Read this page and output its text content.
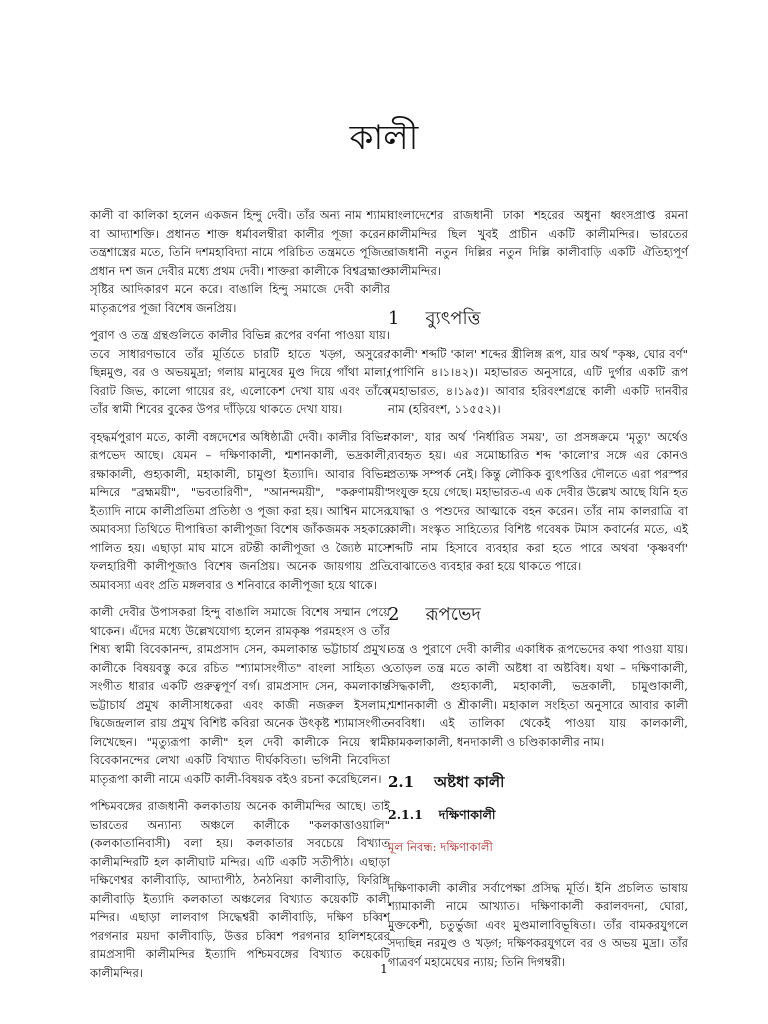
কালী

কালী বা কালিকা হলেন একজন হিন্দু দেবী। তাঁর অন্য নাম শ্যামা বা আদ্যাশক্তি। প্রধানত শাক্ত ধর্মাবলম্বীরা কালীর পূজা করেন। তন্ত্রশাস্ত্রের মতে, তিনি দশমহাবিদ্যা নামে পরিচিত তন্ত্রমতে পূজিত প্রধান দশ জন দেবীর মধ্যে প্রথম দেবী। শাক্তরা কালীকে বিশ্বব্রহ্মাণ্ড সৃষ্টির আদিকারণ মনে করে। বাঙালি হিন্দু সমাজে দেবী কালীর মাতৃরূপের পূজা বিশেষ জনপ্রিয়।

পুরাণ ও তন্ত্র গ্রন্থগুলিতে কালীর বিভিন্ন রূপের বর্ণনা পাওয়া যায়। তবে সাধারণভাবে তাঁর মূর্তিতে চারটি হাতে খড়্গ, অসুরের ছিন্নমুণ্ড, বর ও অভয়মুদ্রা; গলায় মানুষের মুণ্ড দিয়ে গাঁথা মালা; বিরাট জিভ, কালো গায়ের রং, এলোকেশ দেখা যায় এবং তাঁকে তাঁর স্বামী শিবের বুকের উপর দাঁড়িয়ে থাকতে দেখা যায়।

বৃহদ্ধর্মপুরাণ মতে, কালী বঙ্গদেশের অধিষ্ঠাত্রী দেবী। কালীর বিভিন্ন রূপভেদ আছে। যেমন – দক্ষিণাকালী, শ্মশানকালী, ভদ্রকালী, রক্ষাকালী, গুহ্যকালী, মহাকালী, চামুণ্ডা ইত্যাদি। আবার বিভিন্ন মন্দিরে "ব্রহ্মময়ী", "ভবতারিণী", "আনন্দময়ী", "করুণাময়ী" ইত্যাদি নামে কালীপ্রতিমা প্রতিষ্ঠা ও পূজা করা হয়। আশ্বিন মাসের অমাবস্যা তিথিতে দীপান্বিতা কালীপূজা বিশেষ জাঁকজমক সহকারে পালিত হয়। এছাড়া মাঘ মাসে রটন্তী কালীপূজা ও জ্যৈষ্ঠ মাসে ফলহারিণী কালীপূজাও বিশেষ জনপ্রিয়। অনেক জায়গায় প্রতি অমাবস্যা এবং প্রতি মঙ্গলবার ও শনিবারে কালীপূজা হয়ে থাকে।

কালী দেবীর উপাসকরা হিন্দু বাঙালি সমাজে বিশেষ সম্মান পেয়ে থাকেন। এঁদের মধ্যে উল্লেখযোগ্য হলেন রামকৃষ্ণ পরমহংস ও তাঁর শিষ্য স্বামী বিবেকানন্দ, রামপ্রসাদ সেন, কমলাকান্ত ভট্টাচার্য প্রমুখ। কালীকে বিষয়বস্তু করে রচিত "শ্যামাসংগীত" বাংলা সাহিত্য ও সংগীত ধারার একটি গুরুত্বপূর্ণ বর্গ। রামপ্রসাদ সেন, কমলাকান্ত ভট্টাচার্য প্রমুখ কালীসাধকেরা এবং কাজী নজরুল ইসলাম, দ্বিজেন্দ্রলাল রায় প্রমুখ বিশিষ্ট কবিরা অনেক উৎকৃষ্ট শ্যামাসংগীত লিখেছেন। "মৃত্যুরূপা কালী" হল দেবী কালীকে নিয়ে স্বামী বিবেকানন্দের লেখা একটি বিখ্যাত দীর্ঘকবিতা। ভগিনী নিবেদিতা মাতৃরূপা কালী নামে একটি কালী-বিষয়ক বইও রচনা করেছিলেন।

পশ্চিমবঙ্গের রাজধানী কলকাতায় অনেক কালীমন্দির আছে। তাই ভারতের অন্যান্য অঞ্চলে কালীকে "কলকাত্তাওয়ালি" (কলকাতানিবাসী) বলা হয়। কলকাতার সবচেয়ে বিখ্যাত কালীমন্দিরটি হল কালীঘাট মন্দির। এটি একটি সতীপীঠ। এছাড়া দক্ষিণেশ্বর কালীবাড়ি, আদ্যাপীঠ, ঠনঠনিয়া কালীবাড়ি, ফিরিঙ্গি কালীবাড়ি ইত্যাদি কলকাতা অঞ্চলের বিখ্যাত কয়েকটি কালী মন্দির। এছাড়া লালবাগ সিদ্ধেশ্বরী কালীবাড়ি, দক্ষিণ চব্বিশ পরগনার ময়দা কালীবাড়ি, উত্তর চব্বিশ পরগনার হালিশহরের রামপ্রসাদী কালীমন্দির ইত্যাদি পশ্চিমবঙ্গের বিখ্যাত কয়েকটি কালীমন্দির।

বাংলাদেশের রাজধানী ঢাকা শহরের অধুনা ধ্বংসপ্রাপ্ত রমনা কালীমন্দির ছিল খুবই প্রাচীন একটি কালীমন্দির। ভারতের রাজধানী নতুন দিল্লির নতুন দিল্লি কালীবাড়ি একটি ঐতিহ্যপূর্ণ কালীমন্দির।

1 ব্যুৎপত্তি

'কালী' শব্দটি 'কাল' শব্দের স্ত্রীলিঙ্গ রূপ, যার অর্থ "কৃষ্ণ, ঘোর বর্ণ" (পাণিনি ৪।১।৪২)। মহাভারত অনুসারে, এটি দুর্গার একটি রূপ (মহাভারত, ৪।১৯৫)। আবার হরিবংশগ্রন্থে কালী একটি দানবীর নাম (হরিবংশ, ১১৫৫২)।

'কাল', যার অর্থ 'নির্ধারিত সময়', তা প্রসঙ্গক্রমে 'মৃত্যু' অর্থেও ব্যবহৃত হয়। এর সমোচ্চারিত শব্দ 'কালো'র সঙ্গে এর কোনও প্রত্যক্ষ সম্পর্ক নেই। কিন্তু লৌকিক ব্যুৎপত্তির দৌলতে এরা পরস্পর সংযুক্ত হয়ে গেছে। মহাভারত-এ এক দেবীর উল্লেখ আছে যিনি হত যোদ্ধা ও পশুদের আত্মাকে বহন করেন। তাঁর নাম কালরাত্রি বা কালী। সংস্কৃত সাহিত্যের বিশিষ্ট গবেষক টমাস কবার্নের মতে, এই শব্দটি নাম হিসাবে ব্যবহার করা হতে পারে অথবা 'কৃষ্ণবর্ণা' বোঝাতেও ব্যবহার করা হয়ে থাকতে পারে।

2 রূপভেদ

তন্ত্র ও পুরাণে দেবী কালীর একাধিক রূপভেদের কথা পাওয়া যায়। তোড়ল তন্ত্র মতে কালী অষ্টধা বা অষ্টবিধ। যথা – দক্ষিণাকালী, সিদ্ধকালী, গুহ্যকালী, মহাকালী, ভদ্রকালী, চামুণ্ডাকালী, শ্মশানকালী ও শ্রীকালী। মহাকাল সংহিতা অনুসারে আবার কালী নববিধা। এই তালিকা থেকেই পাওয়া যায় কালকালী, কামকলাকালী, ধনদাকালী ও চণ্ডিকাকালীর নাম।

2.1 অষ্টধা কালী
2.1.1 দক্ষিণাকালী

মূল নিবন্ধ: দক্ষিণাকালী

দক্ষিণাকালী কালীর সর্বাপেক্ষা প্রসিদ্ধ মূর্তি। ইনি প্রচলিত ভাষায় শ্যামাকালী নামে আখ্যাত। দক্ষিণাকালী করালবদনা, ঘোরা, মুক্তকেশী, চতুর্ভুজা এবং মুণ্ডমালাবিভূষিতা। তাঁর বামকরযুগলে সদ্যছিন্ন নরমুণ্ড ও খড়্গ; দক্ষিণকরযুগলে বর ও অভয় মুদ্রা। তাঁর গাত্রবর্ণ মহামেঘের ন্যায়; তিনি দিগম্বরী।

1
